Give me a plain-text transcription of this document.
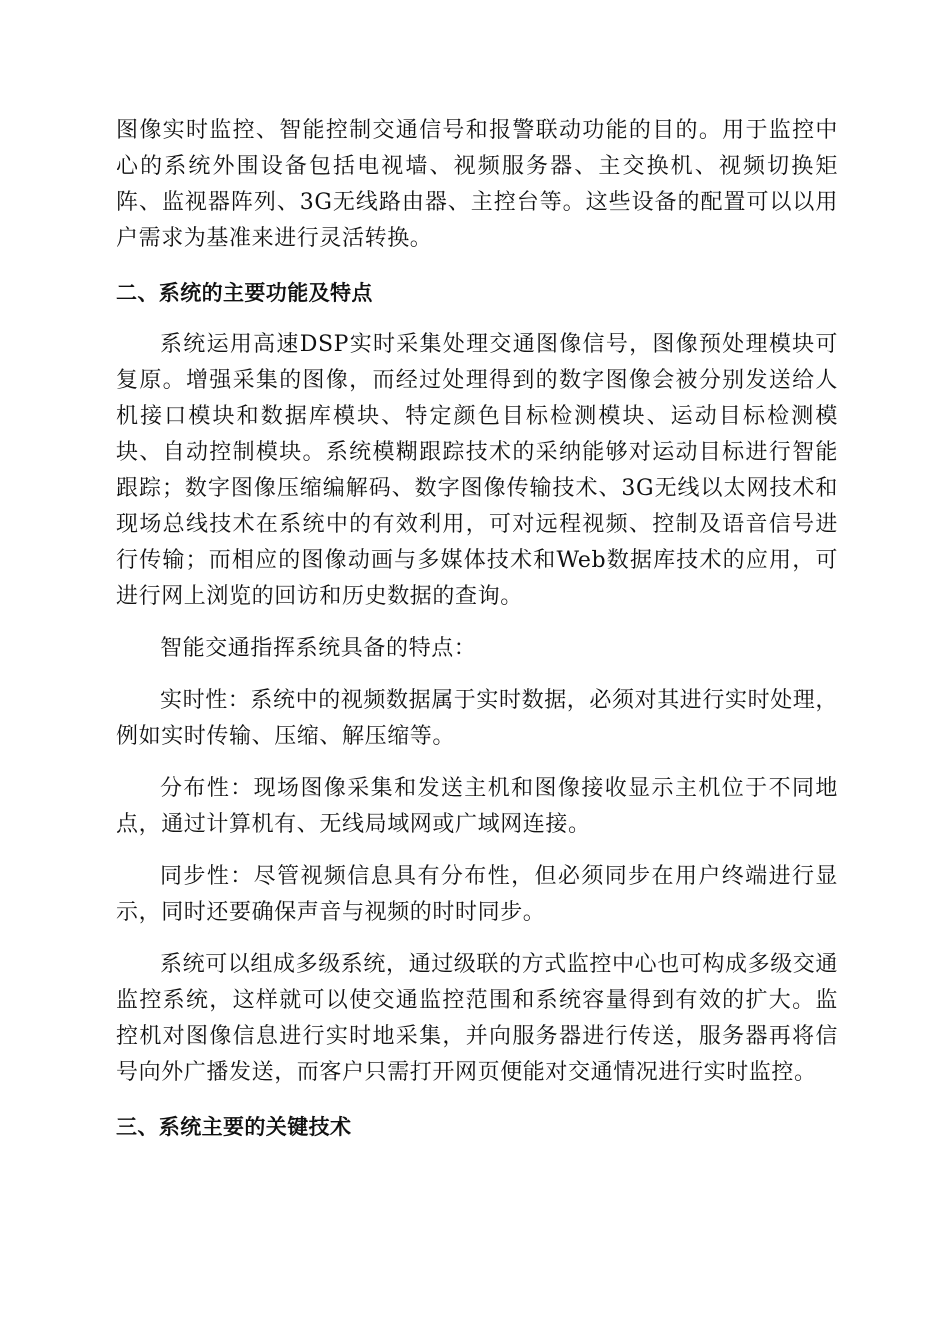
图像实时监控、智能控制交通信号和报警联动功能的目的。用于监控中心的系统外围设备包括电视墙、视频服务器、主交换机、视频切换矩阵、监视器阵列、3G无线路由器、主控台等。这些设备的配置可以以用户需求为基准来进行灵活转换。

二、系统的主要功能及特点

系统运用高速DSP实时采集处理交通图像信号，图像预处理模块可复原。增强采集的图像，而经过处理得到的数字图像会被分别发送给人机接口模块和数据库模块、特定颜色目标检测模块、运动目标检测模块、自动控制模块。系统模糊跟踪技术的采纳能够对运动目标进行智能跟踪；数字图像压缩编解码、数字图像传输技术、3G无线以太网技术和现场总线技术在系统中的有效利用，可对远程视频、控制及语音信号进行传输；而相应的图像动画与多媒体技术和Web数据库技术的应用，可进行网上浏览的回访和历史数据的查询。

智能交通指挥系统具备的特点：

实时性：系统中的视频数据属于实时数据，必须对其进行实时处理，例如实时传输、压缩、解压缩等。

分布性：现场图像采集和发送主机和图像接收显示主机位于不同地点，通过计算机有、无线局域网或广域网连接。

同步性：尽管视频信息具有分布性，但必须同步在用户终端进行显示，同时还要确保声音与视频的时时同步。

系统可以组成多级系统，通过级联的方式监控中心也可构成多级交通监控系统，这样就可以使交通监控范围和系统容量得到有效的扩大。监控机对图像信息进行实时地采集，并向服务器进行传送，服务器再将信号向外广播发送，而客户只需打开网页便能对交通情况进行实时监控。

三、系统主要的关键技术
